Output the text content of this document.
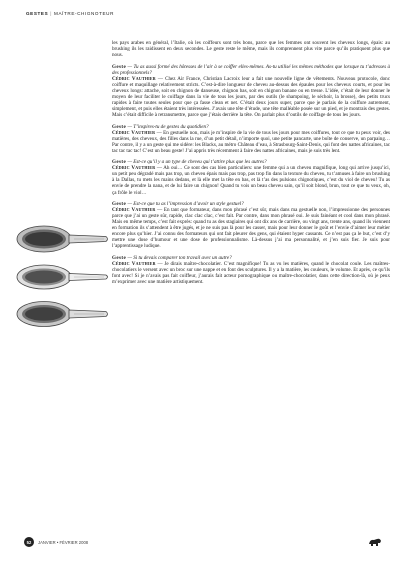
GESTES | MAÎTRE-CHIGNOTEUR

les pays arabes en général, l’Italie, où les coiffeurs sont très bons, parce que les femmes ont souvent les cheveux longs, épais: au brushing ils les raidissent en deux secondes. Le geste reste le même, mais ils comprennent plus vite parce qu’ils pratiquent plus que nous.

Geste — Tu as aussi formé des hôtesses de l’air à se coiffer elles-mêmes. As-tu utilisé les mêmes méthodes que lorsque tu t’adresses à des professionnels?
Cédric Vauthier — Chez Air France, Christian Lacroix leur a fait une nouvelle ligne de vêtements. Nouveau protocole, donc coiffure et maquillage relativement stricts. C’est-à-dire longueur de cheveu au-dessus des épaules pour les cheveux courts, et pour les cheveux longs: attache, soit en chignon de danseuse, chignon bas, soit en chignon banane ou en tresse. L’idée, c’était de leur donner le moyen de leur faciliter le coiffage dans la vie de tous les jours, par des outils (le shampoing, le séchoir, la brosse), des petits trucs rapides à faire toutes seules pour que ça fasse clean et net. C’était deux jours super, parce que je parlais de la coiffure autrement, simplement, et puis elles étaient très intéressées. J’avais une tête d’étude, une tête malléable posée sur un pied, et je montrais des gestes. Mais c’était difficile à retransmettre, parce que j’étais derrière la tête. On parlait plus d’outils de coiffage de tous les jours.

Geste — T’inspires-tu de gestes du quotidien?
Cédric Vauthier — En gestuelle non, mais je m’inspire de la vie de tous les jours pour mes coiffures, tout ce que tu peux voir, des matières, des cheveux, des filles dans la rue, d’un petit détail, n’importe quoi, une petite pancarte, une boîte de conserve, un parpaing… Par contre, il y a un geste qui me sidère: les Blacks, au métro Château d’eau, à Strasbourg-Saint-Denis, qui font des nattes africaines, tac tac tac tac tac! C’est un beau geste! J’ai appris très récemment à faire des nattes africaines, mais je suis très lent.

Geste — Est-ce qu’il y a un type de cheveu qui t’attire plus que les autres?
Cédric Vauthier — Ah oui… Ce sont des cas bien particuliers: une femme qui a un cheveu magnifique, long qui arrive jusqu’ici, un petit peu dégradé mais pas trop, un cheveu épais mais pas trop, pas trop fin dans la texture du cheveu, tu t’amuses à faire un brushing à la Dallas, tu mets les mains dedans, et là elle met la tête en bas, et là t’as des pulsions chignotiques, c’est du viol de cheveu! Tu as envie de prendre la nana, et de lui faire un chignon! Quand tu vois un beau cheveu sain, qu’il soit blond, brun, tout ce que tu veux, oh, ça frôle le viol…

Geste — Est-ce que tu as l’impression d’avoir un style gestuel?
Cédric Vauthier — En tant que formateur, dans mon phrasé c’est sûr, mais dans ma gestuelle non, l’impressionne des personnes parce que j’ai un geste sûr, rapide, clac clac clac, c’est fait. Par contre, dans mon phrasé oui. Je suis fainéant et cool dans mon phrasé. Mais en même temps, c’est fait exprès: quand tu as des stagiaires qui ont dix ans de carrière, ou vingt ans, trente ans, quand ils viennent en formation ils s’attendent à être jugés, et je ne suis pas là pour les casser, mais pour leur donner le goût et l’envie d’aimer leur métier encore plus qu’hier. J’ai connu des formateurs qui ont fait pleurer des gens, qui étaient hyper cassants. Ce n’est pas ça le but, c’est d’y mettre une dose d’humour et une dose de professionnalisme. Là-dessus j’ai ma personnalité, et j’en suis fier. Je suis pour l’apprentissage ludique.

Geste — Si tu devais comparer ton travail avec un autre?
Cédric Vauthier — Je dirais maître-chocolatier. C’est magnifique! Tu as vu les matières, quand le chocolat coule. Les maîtres-chocolatiers le versent avec un broc sur une nappe et en font des sculptures. Il y a la matière, les couleurs, le volume. Et après, ce qu’ils font avec! Si je n’avais pas fait coiffeur, j’aurais fait acteur pornographique ou maître-chocolatier, dans cette direction-là, où je peux m’exprimer avec une matière artistiquement.

52	JANVIER • FÉVRIER 2008
